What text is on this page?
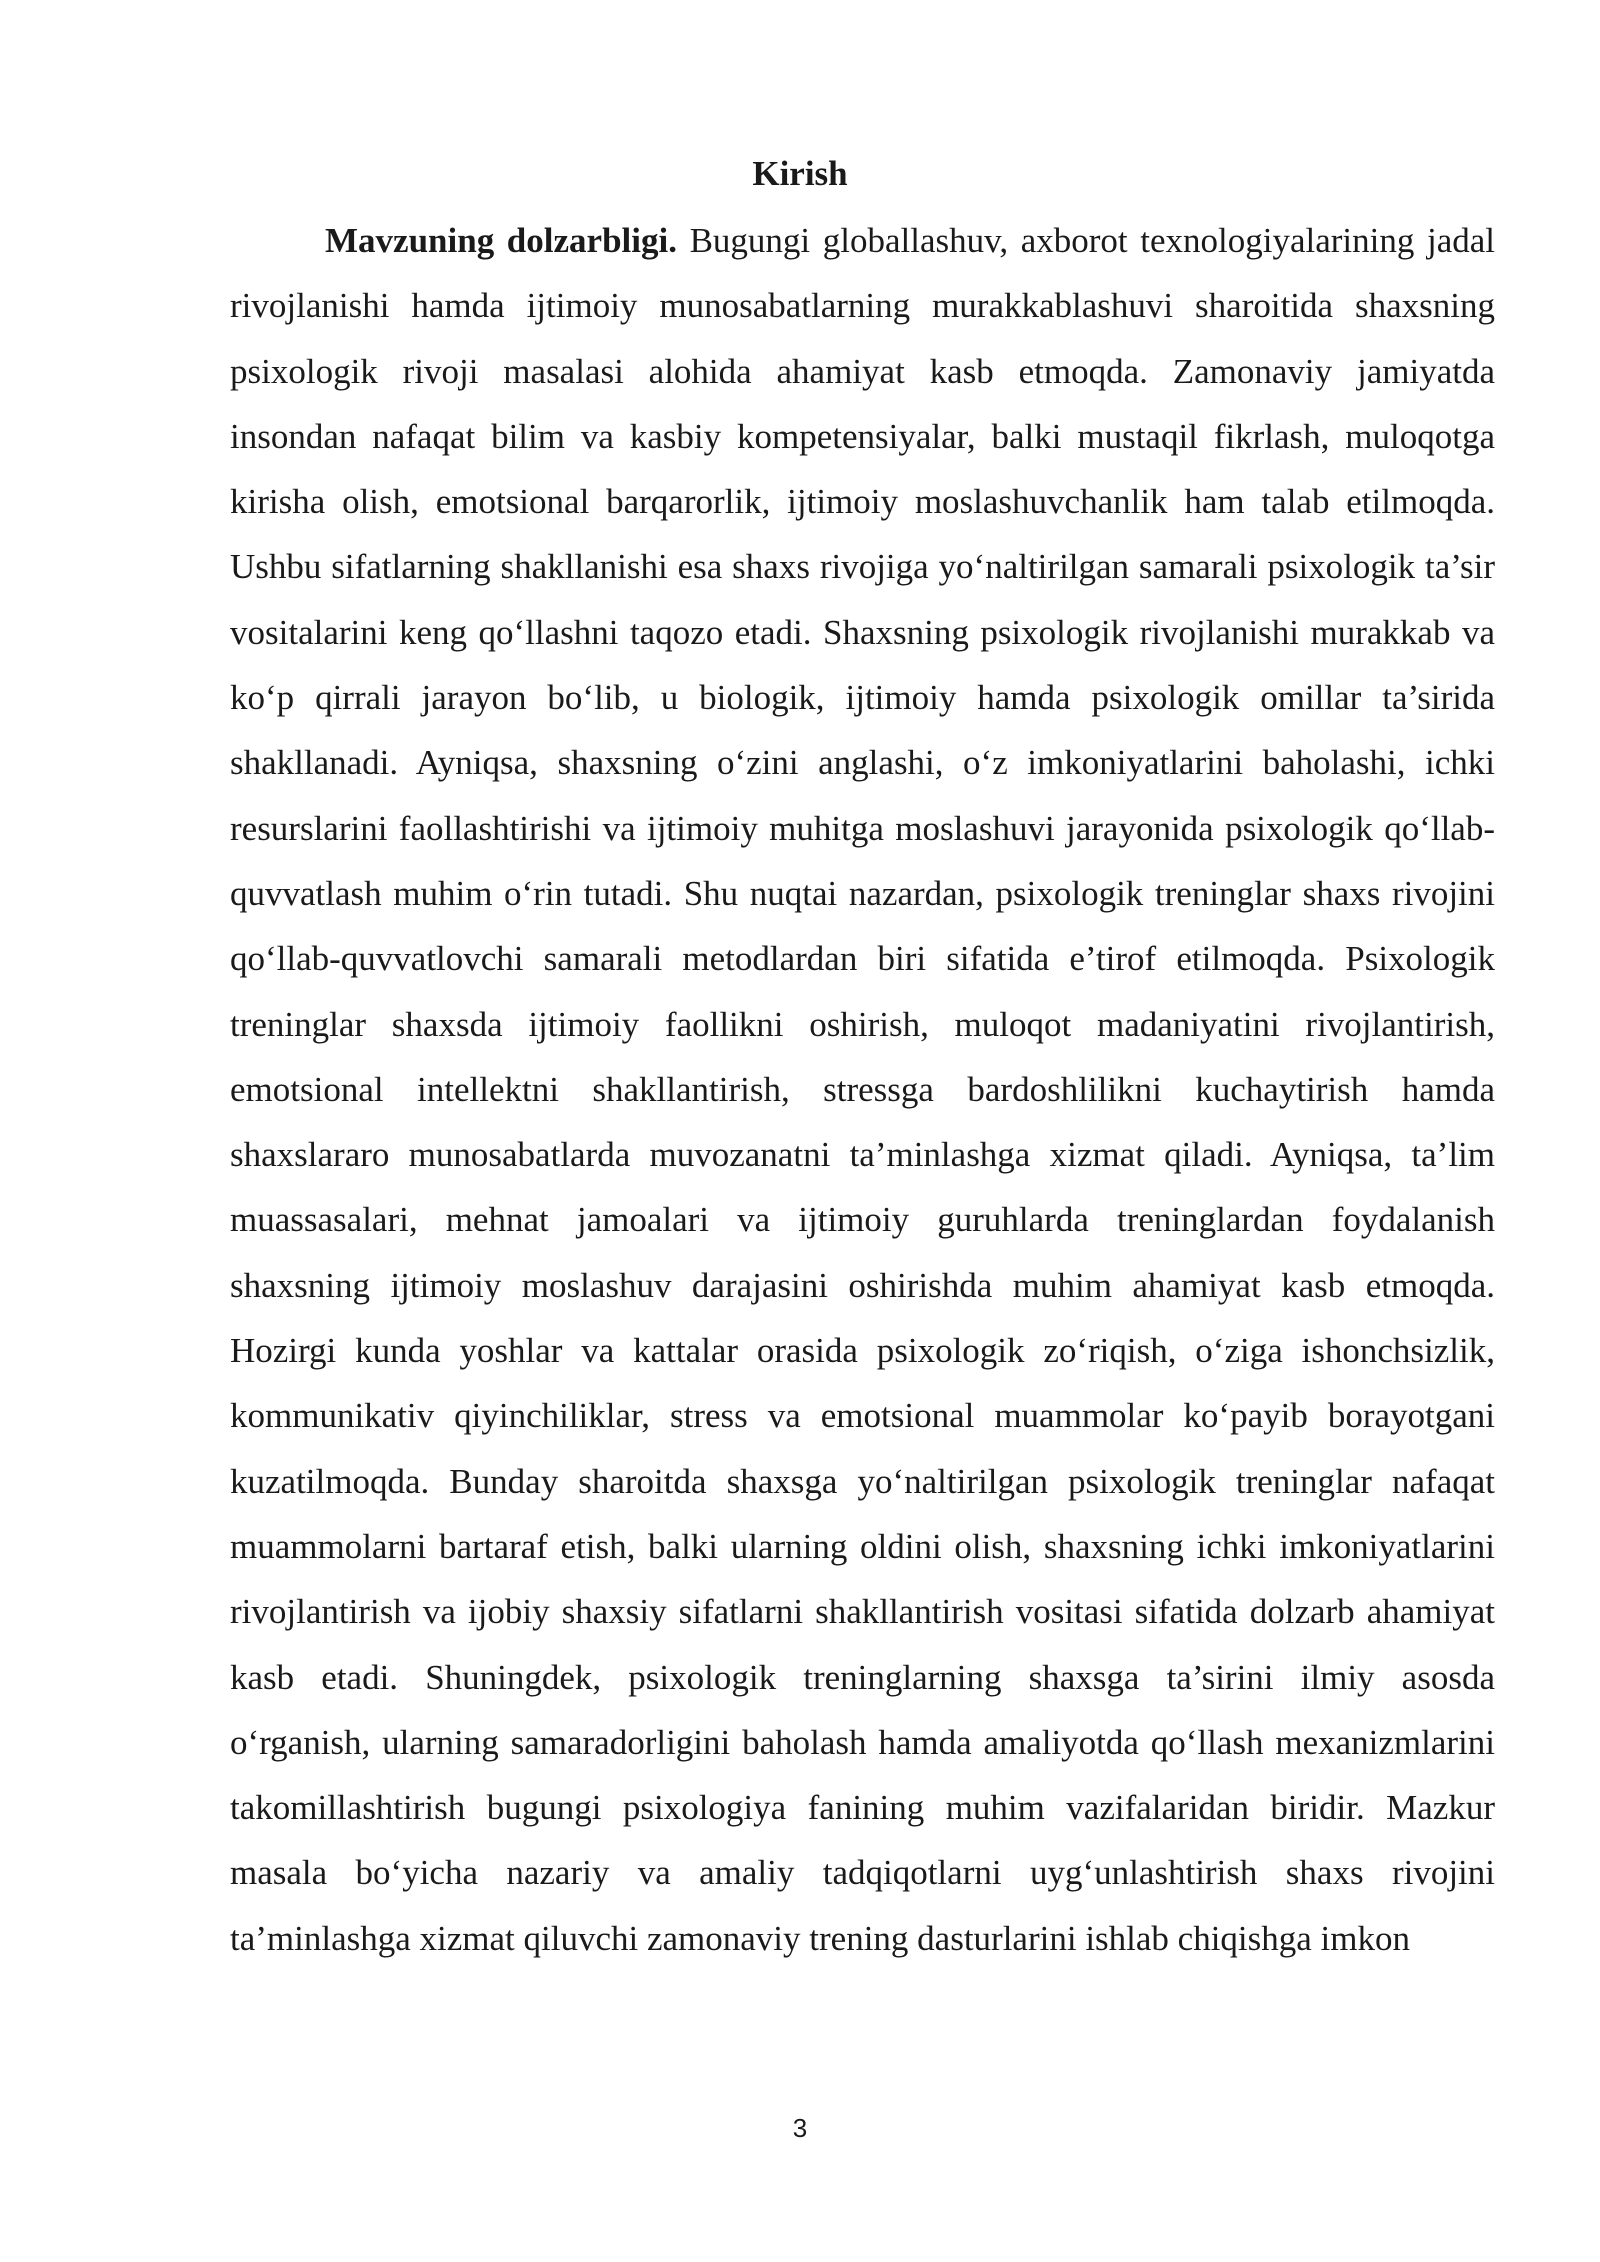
Kirish

Mavzuning dolzarbligi. Bugungi globallashuv, axborot texnologiyalarining jadal rivojlanishi hamda ijtimoiy munosabatlarning murakkablashuvi sharoitida shaxsning psixologik rivoji masalasi alohida ahamiyat kasb etmoqda. Zamonaviy jamiyatda insondan nafaqat bilim va kasbiy kompetensiyalar, balki mustaqil fikrlash, muloqotga kirisha olish, emotsional barqarorlik, ijtimoiy moslashuvchanlik ham talab etilmoqda. Ushbu sifatlarning shakllanishi esa shaxs rivojiga yo‘naltirilgan samarali psixologik ta’sir vositalarini keng qo‘llashni taqozo etadi. Shaxsning psixologik rivojlanishi murakkab va ko‘p qirrali jarayon bo‘lib, u biologik, ijtimoiy hamda psixologik omillar ta’sirida shakllanadi. Ayniqsa, shaxsning o‘zini anglashi, o‘z imkoniyatlarini baholashi, ichki resurslarini faollashtirishi va ijtimoiy muhitga moslashuvi jarayonida psixologik qo‘llab-quvvatlash muhim o‘rin tutadi. Shu nuqtai nazardan, psixologik treninglar shaxs rivojini qo‘llab-quvvatlovchi samarali metodlardan biri sifatida e’tirof etilmoqda. Psixologik treninglar shaxsda ijtimoiy faollikni oshirish, muloqot madaniyatini rivojlantirish, emotsional intellektni shakllantirish, stressga bardoshlilikni kuchaytirish hamda shaxslararo munosabatlarda muvozanatni ta’minlashga xizmat qiladi. Ayniqsa, ta’lim muassasalari, mehnat jamoalari va ijtimoiy guruhlarda treninglardan foydalanish shaxsning ijtimoiy moslashuv darajasini oshirishda muhim ahamiyat kasb etmoqda. Hozirgi kunda yoshlar va kattalar orasida psixologik zo‘riqish, o‘ziga ishonchsizlik, kommunikativ qiyinchiliklar, stress va emotsional muammolar ko‘payib borayotgani kuzatilmoqda. Bunday sharoitda shaxsga yo‘naltirilgan psixologik treninglar nafaqat muammolarni bartaraf etish, balki ularning oldini olish, shaxsning ichki imkoniyatlarini rivojlantirish va ijobiy shaxsiy sifatlarni shakllantirish vositasi sifatida dolzarb ahamiyat kasb etadi. Shuningdek, psixologik treninglarning shaxsga ta’sirini ilmiy asosda o‘rganish, ularning samaradorligini baholash hamda amaliyotda qo‘llash mexanizmlarini takomillashtirish bugungi psixologiya fanining muhim vazifalaridan biridir. Mazkur masala bo‘yicha nazariy va amaliy tadqiqotlarni uyg‘unlashtirish shaxs rivojini ta’minlashga xizmat qiluvchi zamonaviy trening dasturlarini ishlab chiqishga imkon

3
